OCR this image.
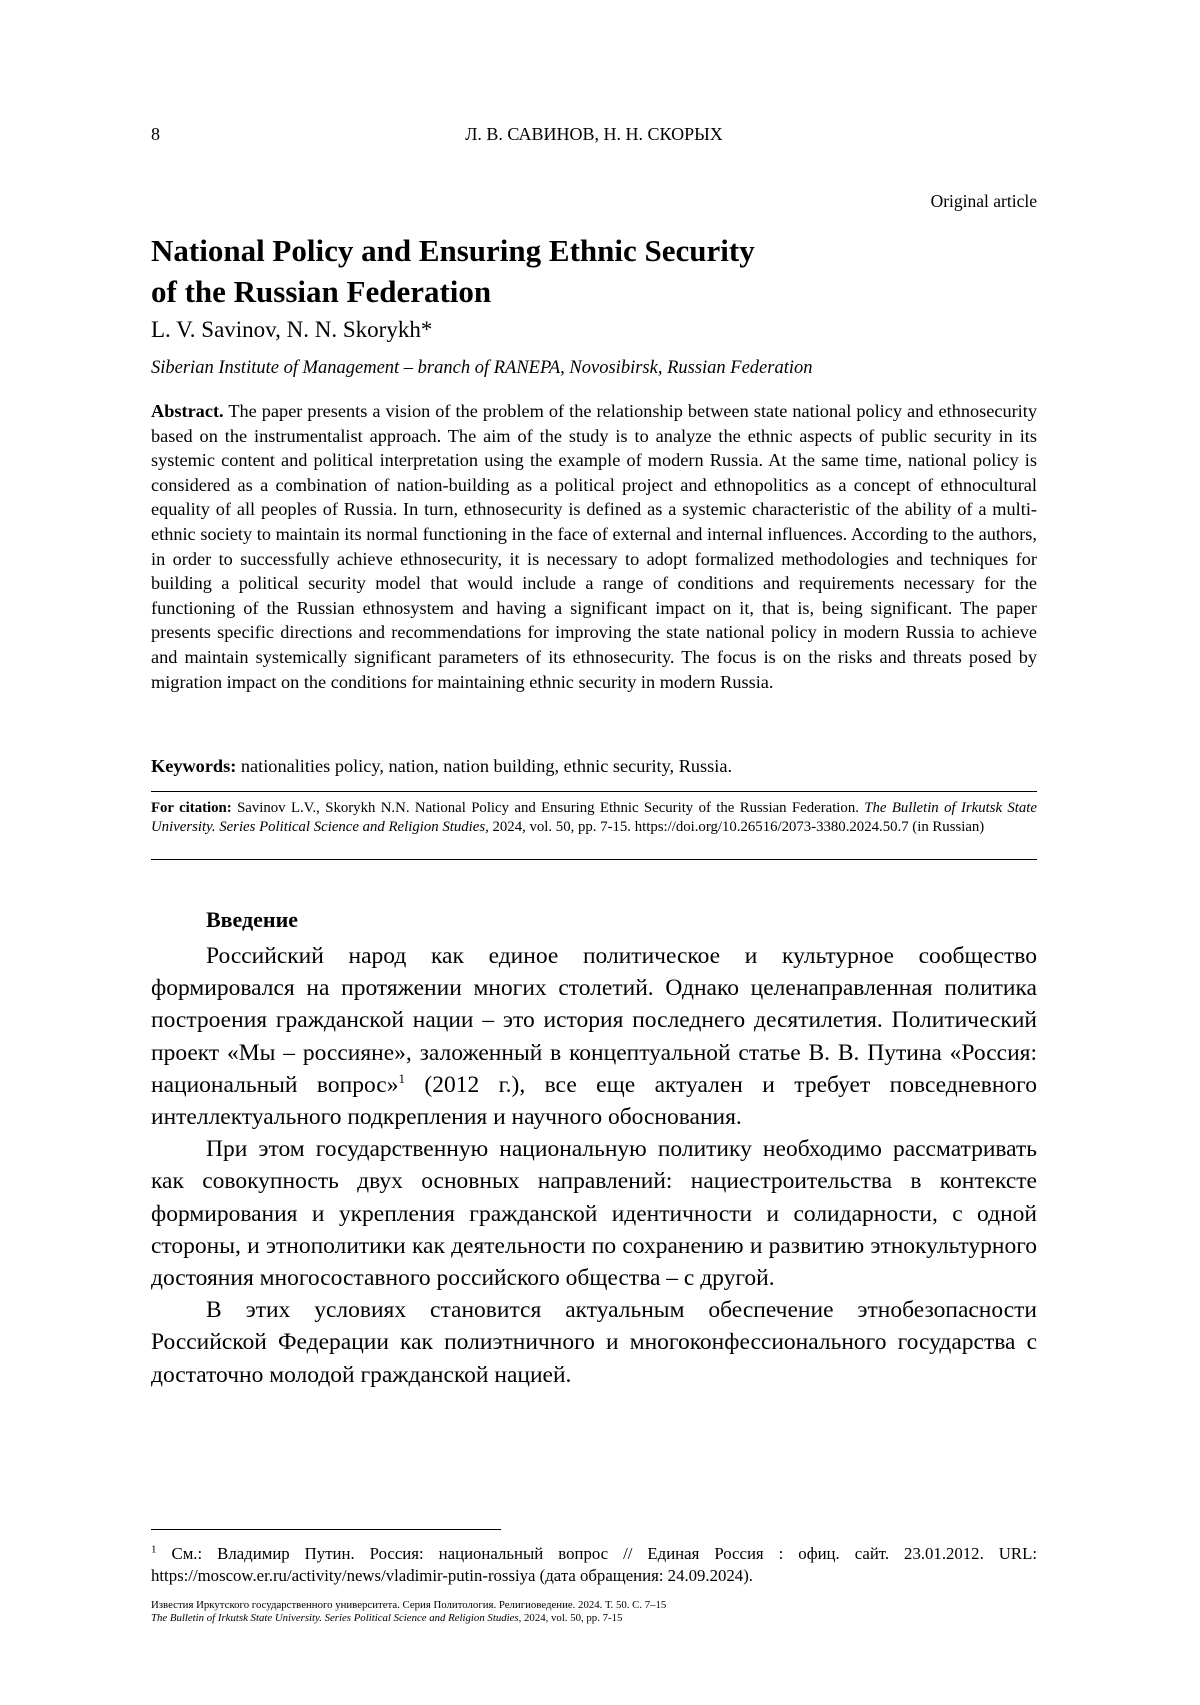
8	Л. В. САВИНОВ, Н. Н. СКОРЫХ
Original article
National Policy and Ensuring Ethnic Security
of the Russian Federation
L. V. Savinov, N. N. Skorykh*
Siberian Institute of Management – branch of RANEPA, Novosibirsk, Russian Federation
Abstract. The paper presents a vision of the problem of the relationship between state national policy and ethnosecurity based on the instrumentalist approach. The aim of the study is to analyze the ethnic aspects of public security in its systemic content and political interpretation using the example of modern Russia. At the same time, national policy is considered as a combination of nation-building as a political project and ethnopolitics as a concept of ethnocultural equality of all peoples of Russia. In turn, ethnosecurity is defined as a systemic characteristic of the ability of a multi-ethnic society to maintain its normal functioning in the face of external and internal influences. According to the authors, in order to successfully achieve ethnosecurity, it is necessary to adopt formalized methodologies and techniques for building a political security model that would include a range of conditions and requirements necessary for the functioning of the Russian ethnosystem and having a significant impact on it, that is, being significant. The paper presents specific directions and recommendations for improving the state national policy in modern Russia to achieve and maintain systemically significant parameters of its ethnosecurity. The focus is on the risks and threats posed by migration impact on the conditions for maintaining ethnic security in modern Russia.
Keywords: nationalities policy, nation, nation building, ethnic security, Russia.
For citation: Savinov L.V., Skorykh N.N. National Policy and Ensuring Ethnic Security of the Russian Federation. The Bulletin of Irkutsk State University. Series Political Science and Religion Studies, 2024, vol. 50, pp. 7-15. https://doi.org/10.26516/2073-3380.2024.50.7 (in Russian)
Введение

Российский народ как единое политическое и культурное сообщество формировался на протяжении многих столетий. Однако целенаправленная политика построения гражданской нации – это история последнего десятилетия. Политический проект «Мы – россияне», заложенный в концептуальной статье В. В. Путина «Россия: национальный вопрос»$^1$ (2012 г.), все еще актуален и требует повседневного интеллектуального подкрепления и научного обоснования.

При этом государственную национальную политику необходимо рассматривать как совокупность двух основных направлений: нациестроительства в контексте формирования и укрепления гражданской идентичности и солидарности, с одной стороны, и этнополитики как деятельности по сохранению и развитию этнокультурного достояния многосоставного российского общества – с другой.

В этих условиях становится актуальным обеспечение этнобезопасности Российской Федерации как полиэтничного и многоконфессионального государства с достаточно молодой гражданской нацией.

$^1$ См.: Владимир Путин. Россия: национальный вопрос // Единая Россия : офиц. сайт. 23.01.2012. URL: https://moscow.er.ru/activity/news/vladimir-putin-rossiya (дата обращения: 24.09.2024).
Известия Иркутского государственного университета. Серия Политология. Религиоведение. 2024. Т. 50. С. 7–15
The Bulletin of Irkutsk State University. Series Political Science and Religion Studies, 2024, vol. 50, pp. 7-15
